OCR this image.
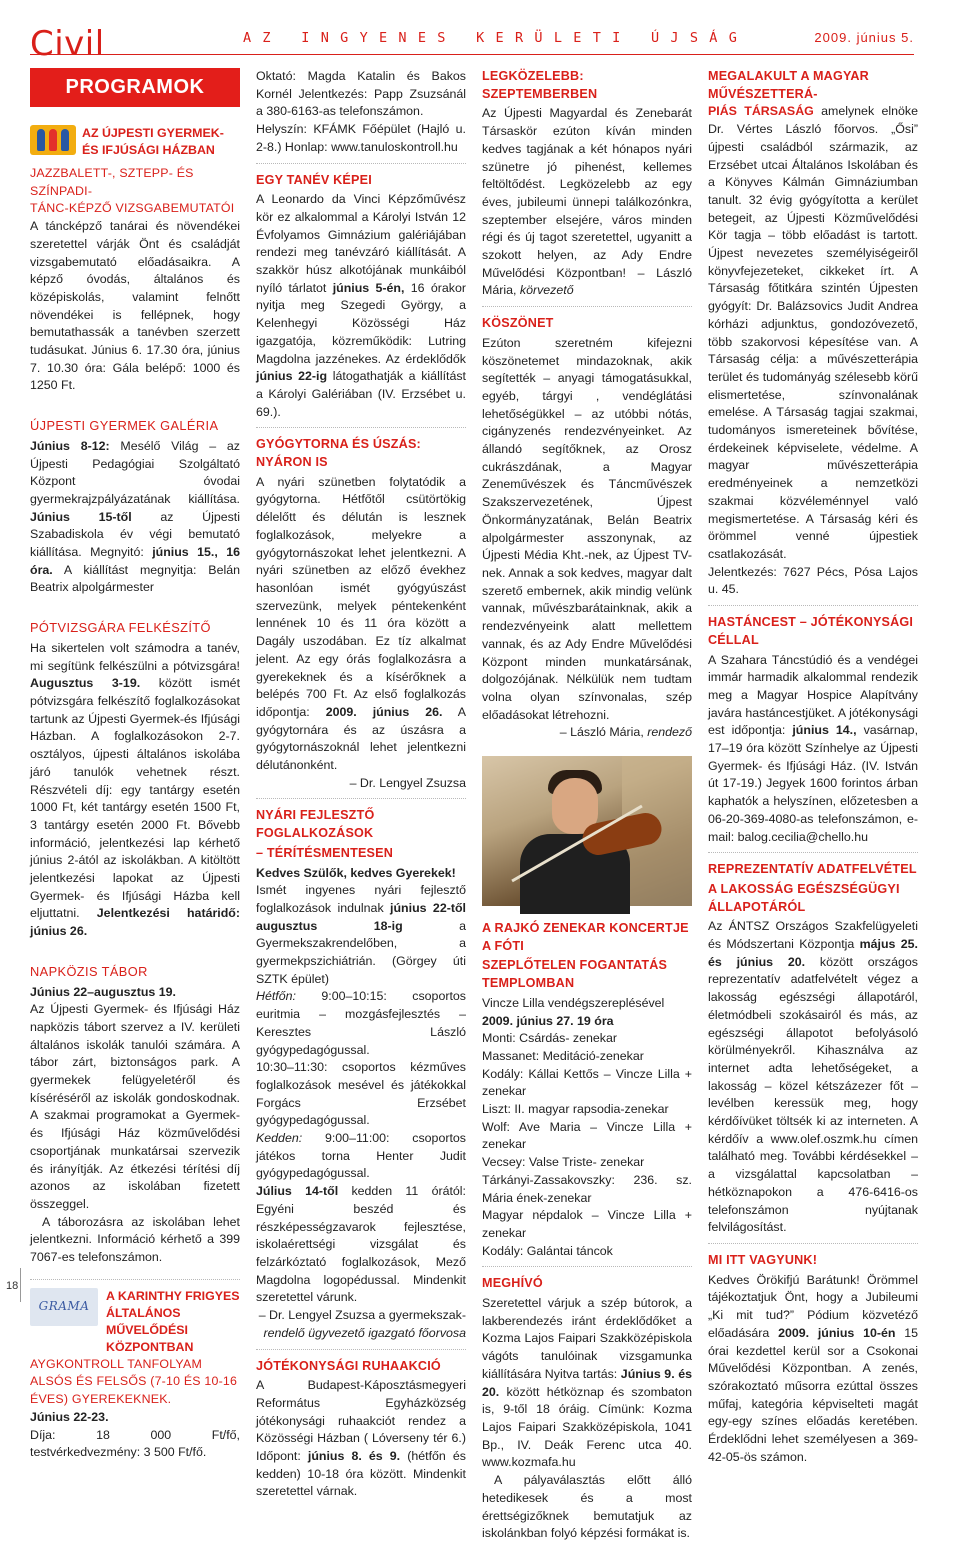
Civil	AZ INGYENES KERÜLETI ÚJSÁG	2009. június 5.
PROGRAMOK
AZ ÚJPESTI GYERMEK-
ÉS IFJÚSÁGI HÁZBAN
JAZZBALETT-, SZTEPP- ÉS SZÍNPADI-
TÁNC-KÉPZŐ VIZSGABEMUTATÓI

A táncképző tanárai és növendékei szeretettel várják Önt és családját vizsgabemutató előadásaikra. A képző óvodás, általános és középiskolás, valamint felnőtt növendékei is fellépnek, hogy bemutathassák a tanévben szerzett tudásukat. Június 6. 17.30 óra, június 7. 10.30 óra: Gála belépő: 1000 és 1250 Ft.

ÚJPESTI GYERMEK GALÉRIA

Június 8-12: Mesélő Világ – az Újpesti Pedagógiai Szolgáltató Központ óvodai gyermekrajzpályázatának kiállítása. Június 15-től az Újpesti Szabadiskola év végi bemutató kiállítása. Megnyitó: június 15., 16 óra. A kiállítást megnyitja: Belán Beatrix alpolgármester

PÓTVIZSGÁRA FELKÉSZÍTŐ

Ha sikertelen volt számodra a tanév, mi segítünk felkészülni a pótvizsgára! Augusztus 3-19. között ismét pótvizsgára felkészítő foglalkozásokat tartunk az Újpesti Gyermek-és Ifjúsági Házban. A foglalkozásokon 2-7. osztályos, újpesti általános iskolába járó tanulók vehetnek részt. Részvételi díj: egy tantárgy esetén 1000 Ft, két tantárgy esetén 1500 Ft, 3 tantárgy esetén 2000 Ft. Bővebb információ, jelentkezési lap kérhető június 2-ától az iskolákban. A kitöltött jelentkezési lapokat az Újpesti Gyermek- és Ifjúsági Házba kell eljuttatni. Jelentkezési határidő: június 26.

NAPKÖZIS TÁBOR

Június 22–augusztus 19.

Az Újpesti Gyermek- és Ifjúsági Ház napközis tábort szervez a IV. kerületi általános iskolák tanulói számára. A tábor zárt, biztonságos park. A gyermekek felügyeletéről és kíséréséről az iskolák gondoskodnak. A szakmai programokat a Gyermek- és Ifjúsági Ház közművelődési csoportjának munkatársai szervezik és irányítják. Az étkezési térítési díj azonos az iskolában fizetett összeggel.

A táborozásra az iskolában lehet jelentkezni. Információ kérhető a 399 7067-es telefonszámon.

GRAMA
A KARINTHY FRIGYES
ÁLTALÁNOS MŰVELŐDÉSI
KÖZPONTBAN
AYGKONTROLL TANFOLYAM ALSÓS ÉS FELSŐS (7-10 ÉS 10-16 ÉVES) GYEREKEKNEK.

Június 22-23.

Díja: 18 000 Ft/fő, testvérkedvezmény: 3 500 Ft/fő.

Oktató: Magda Katalin és Bakos Kornél Jelentkezés: Papp Zsuzsánál a 380-6163-as telefonszámon.

Helyszín: KFÁMK Főépület (Hajló u. 2-8.) Honlap: www.tanuloskontroll.hu

EGY TANÉV KÉPEI

A Leonardo da Vinci Képzőművész kör ez alkalommal a Károlyi István 12 Évfolyamos Gimnázium galériájában rendezi meg tanévzáró kiállítását. A szakkör húsz alkotójának munkáiból nyíló tárlatot június 5-én, 16 órakor nyitja meg Szegedi György, a Kelenhegyi Közösségi Ház igazgatója, közreműködik: Lutring Magdolna jazzénekes. Az érdeklődők június 22-ig látogathatják a kiállítást a Károlyi Galériában (IV. Erzsébet u. 69.).

GYÓGYTORNA ÉS ÚSZÁS: NYÁRON IS

A nyári szünetben folytatódik a gyógytorna. Hétfőtől csütörtökig délelőtt és délután is lesznek foglalkozások, melyekre a gyógytornászokat lehet jelentkezni. A nyári szünetben az előző évekhez hasonlóan ismét gyógyúszást szervezünk, melyek péntekenként lennének 10 és 11 óra között a Dagály uszodában. Ez tíz alkalmat jelent. Az egy órás foglalkozásra a gyerekeknek és a kísérőknek a belépés 700 Ft. Az első foglalkozás időpontja: 2009. június 26. A gyógytornára és az úszásra a gyógytornászoknál lehet jelentkezni délutánonként.

– Dr. Lengyel Zsuzsa

NYÁRI FEJLESZTŐ FOGLALKOZÁSOK
– TÉRÍTÉSMENTESEN

Kedves Szülők, kedves Gyerekek!

Ismét ingyenes nyári fejlesztő foglalkozások indulnak június 22-től augusztus 18-ig a Gyermekszakrendelőben, a gyermekpszichiátrián. (Görgey úti SZTK épület)

Hétfőn: 9:00–10:15: csoportos euritmia – mozgásfejlesztés – Keresztes László gyógypedagógussal.

10:30–11:30: csoportos kézműves foglalkozások mesével és játékokkal Forgács Erzsébet gyógypedagógussal.

Kedden: 9:00–11:00: csoportos játékos torna Henter Judit gyógypedagógussal.

Július 14-től kedden 11 órától: Egyéni beszéd és részképességzavarok fejlesztése, iskolaérettségi vizsgálat és felzárkóztató foglalkozások, Mező Magdolna logopédussal. Mindenkit szeretettel várunk.

– Dr. Lengyel Zsuzsa a gyermekszak-

rendelő ügyvezető igazgató főorvosa

JÓTÉKONYSÁGI RUHAAKCIÓ

A Budapest-Káposztásmegyeri Református Egyházközség jótékonysági ruhaakciót rendez a Közösségi Házban ( Lóverseny tér 6.) Időpont: június 8. és 9. (hétfőn és kedden) 10-18 óra között. Mindenkit szeretettel várnak.

LEGKÖZELEBB: SZEPTEMBERBEN

Az Újpesti Magyardal és Zenebarát Társaskör ezúton kíván minden kedves tagjának a két hónapos nyári szünetre jó pihenést, kellemes feltöltődést. Legközelebb az egy éves, jubileumi ünnepi találkozónkra, szeptember elsejére, város minden régi és új tagot szeretettel, ugyanitt a szokott helyen, az Ady Endre Művelődési Központban! – László Mária, körvezető

KÖSZÖNET

Ezúton szeretném kifejezni köszönetemet mindazoknak, akik segítették – anyagi támogatásukkal, egyéb, tárgyi , vendéglátási lehetőségükkel – az utóbbi nótás, cigányzenés rendezvényeinket. Az állandó segítőknek, az Orosz cukrászdának, a Magyar Zeneművészek és Táncművészek Szakszervezetének, Újpest Önkormányzatának, Belán Beatrix alpolgármester asszonynak, az Újpesti Média Kht.-nek, az Újpest TV-nek. Annak a sok kedves, magyar dalt szerető embernek, akik mindig velünk vannak, művészbarátainknak, akik a rendezvényeink alatt mellettem vannak, és az Ady Endre Művelődési Központ minden munkatársának, dolgozójának. Nélkülük nem tudtam volna olyan színvonalas, szép előadásokat létrehozni.

– László Mária, rendező

A RAJKÓ ZENEKAR KONCERTJE A FÓTI
SZEPLŐTELEN FOGANTATÁS TEMPLOMBAN

Vincze Lilla vendégszereplésével

2009. június 27. 19 óra

Monti: Csárdás- zenekar

Massanet: Meditáció-zenekar

Kodály: Kállai Kettős – Vincze Lilla + zenekar

Liszt: II. magyar rapsodia-zenekar

Wolf: Ave Maria – Vincze Lilla + zenekar

Vecsey: Valse Triste- zenekar

Tárkányi-Zassakovszky: 236. sz. Mária ének-zenekar

Magyar népdalok – Vincze Lilla + zenekar

Kodály: Galántai táncok

MEGHÍVÓ

Szeretettel várjuk a szép bútorok, a lakberendezés iránt érdeklődőket a Kozma Lajos Faipari Szakközépiskola vágóts tanulóinak vizsgamunka kiállítására Nyitva tartás: Június 9. és 20. között hétköznap és szombaton is, 9-től 18 óráig. Címünk: Kozma Lajos Faipari Szakközépiskola, 1041 Bp., IV. Deák Ferenc utca 40. www.kozmafa.hu

A pályaválasztás előtt álló hetedikesek és a most érettségizőknek bemutatjuk az iskolánkban folyó képzési formákat is.

MEGALAKULT A MAGYAR MŰVÉSZETTERÁ-

PIÁS TÁRSASÁG amelynek elnöke Dr. Vértes László főorvos. „Ősi” újpesti családból származik, az Erzsébet utcai Általános Iskolában és a Könyves Kálmán Gimnáziumban tanult. 32 évig gyógyította a kerület betegeit, az Újpesti Közművelődési Kör tagja – több előadást is tartott. Újpest nevezetes személyiségeiről könyvfejezeteket, cikkeket írt. A Társaság főtitkára szintén Újpesten gyógyít: Dr. Balázsovics Judit Andrea kórházi adjunktus, gondozóvezető, több szakorvosi képesítése van. A Társaság célja: a művészetterápia terület és tudományág szélesebb körű elismertetése, színvonalának emelése. A Társaság tagjai szakmai, tudományos ismereteinek bővítése, érdekeinek képviselete, védelme. A magyar művészetterápia eredményeinek a nemzetközi szakmai közvéleménnyel való megismertetése. A Társaság kéri és örömmel venné újpestiek csatlakozását.

Jelentkezés: 7627 Pécs, Pósa Lajos u. 45.

HASTÁNCEST – JÓTÉKONYSÁGI CÉLLAL

A Szahara Táncstúdió és a vendégei immár harmadik alkalommal rendezik meg a Magyar Hospice Alapítvány javára hastáncestjüket. A jótékonysági est időpontja: június 14., vasárnap, 17–19 óra között Színhelye az Újpesti Gyermek- és Ifjúsági Ház. (IV. István út 17-19.) Jegyek 1600 forintos árban kaphatók a helyszínen, előzetesben a 06-20-369-4080-as telefonszámon, e-mail: balog.cecilia@chello.hu

REPREZENTATÍV ADATFELVÉTEL
A LAKOSSÁG EGÉSZSÉGÜGYI ÁLLAPOTÁRÓL

Az ÁNTSZ Országos Szakfelügyeleti és Módszertani Központja május 25. és június 20. között országos reprezentatív adatfelvételt végez a lakosság egészségi állapotáról, életmódbeli szokásairól és más, az egészségi állapotot befolyásoló körülményekről. Kihasználva az internet adta lehetőségeket, a lakosság – közel kétszázezer főt – levélben keressük meg, hogy kérdőívüket töltsék ki az interneten. A kérdőív a www.olef.oszmk.hu címen található meg. További kérdésekkel – a vizsgálattal kapcsolatban – hétköznapokon a 476-6416-os telefonszámon nyújtanak felvilágosítást.

MI ITT VAGYUNK!

Kedves Örökifjú Barátunk! Örömmel tájékoztatjuk Önt, hogy a Jubileumi „Ki mit tud?” Pódium közvetéző előadására 2009. június 10-én 15 órai kezdettel kerül sor a Csokonai Művelődési Központban. A zenés, szórakoztató műsorra ezúttal összes műfaj, kategória képviselteti magát egy-egy színes előadás keretében. Érdeklődni lehet személyesen a 369-42-05-ös számon.

18
